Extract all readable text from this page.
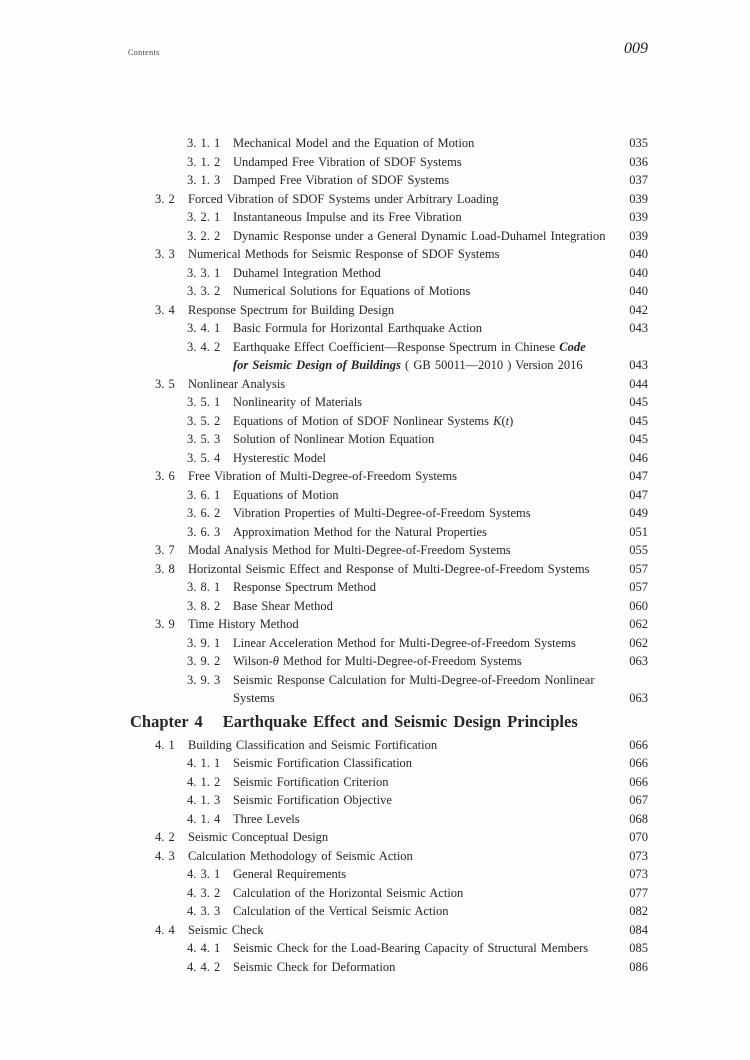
Contents	009
3. 1. 1	Mechanical Model and the Equation of Motion	035
3. 1. 2	Undamped Free Vibration of SDOF Systems	036
3. 1. 3	Damped Free Vibration of SDOF Systems	037
3. 2	Forced Vibration of SDOF Systems under Arbitrary Loading	039
3. 2. 1	Instantaneous Impulse and its Free Vibration	039
3. 2. 2	Dynamic Response under a General Dynamic Load-Duhamel Integration	039
3. 3	Numerical Methods for Seismic Response of SDOF Systems	040
3. 3. 1	Duhamel Integration Method	040
3. 3. 2	Numerical Solutions for Equations of Motions	040
3. 4	Response Spectrum for Building Design	042
3. 4. 1	Basic Formula for Horizontal Earthquake Action	043
3. 4. 2	Earthquake Effect Coefficient—Response Spectrum in Chinese Code
for Seismic Design of Buildings ( GB 50011—2010 ) Version 2016	043
3. 5	Nonlinear Analysis	044
3. 5. 1	Nonlinearity of Materials	045
3. 5. 2	Equations of Motion of SDOF Nonlinear Systems K(t)	045
3. 5. 3	Solution of Nonlinear Motion Equation	045
3. 5. 4	Hysterestic Model	046
3. 6	Free Vibration of Multi-Degree-of-Freedom Systems	047
3. 6. 1	Equations of Motion	047
3. 6. 2	Vibration Properties of Multi-Degree-of-Freedom Systems	049
3. 6. 3	Approximation Method for the Natural Properties	051
3. 7	Modal Analysis Method for Multi-Degree-of-Freedom Systems	055
3. 8	Horizontal Seismic Effect and Response of Multi-Degree-of-Freedom Systems	057
3. 8. 1	Response Spectrum Method	057
3. 8. 2	Base Shear Method	060
3. 9	Time History Method	062
3. 9. 1	Linear Acceleration Method for Multi-Degree-of-Freedom Systems	062
3. 9. 2	Wilson-θ Method for Multi-Degree-of-Freedom Systems	063
3. 9. 3	Seismic Response Calculation for Multi-Degree-of-Freedom Nonlinear
Systems	063
Chapter 4 Earthquake Effect and Seismic Design Principles
4. 1	Building Classification and Seismic Fortification	066
4. 1. 1	Seismic Fortification Classification	066
4. 1. 2	Seismic Fortification Criterion	066
4. 1. 3	Seismic Fortification Objective	067
4. 1. 4	Three Levels	068
4. 2	Seismic Conceptual Design	070
4. 3	Calculation Methodology of Seismic Action	073
4. 3. 1	General Requirements	073
4. 3. 2	Calculation of the Horizontal Seismic Action	077
4. 3. 3	Calculation of the Vertical Seismic Action	082
4. 4	Seismic Check	084
4. 4. 1	Seismic Check for the Load-Bearing Capacity of Structural Members	085
4. 4. 2	Seismic Check for Deformation	086
